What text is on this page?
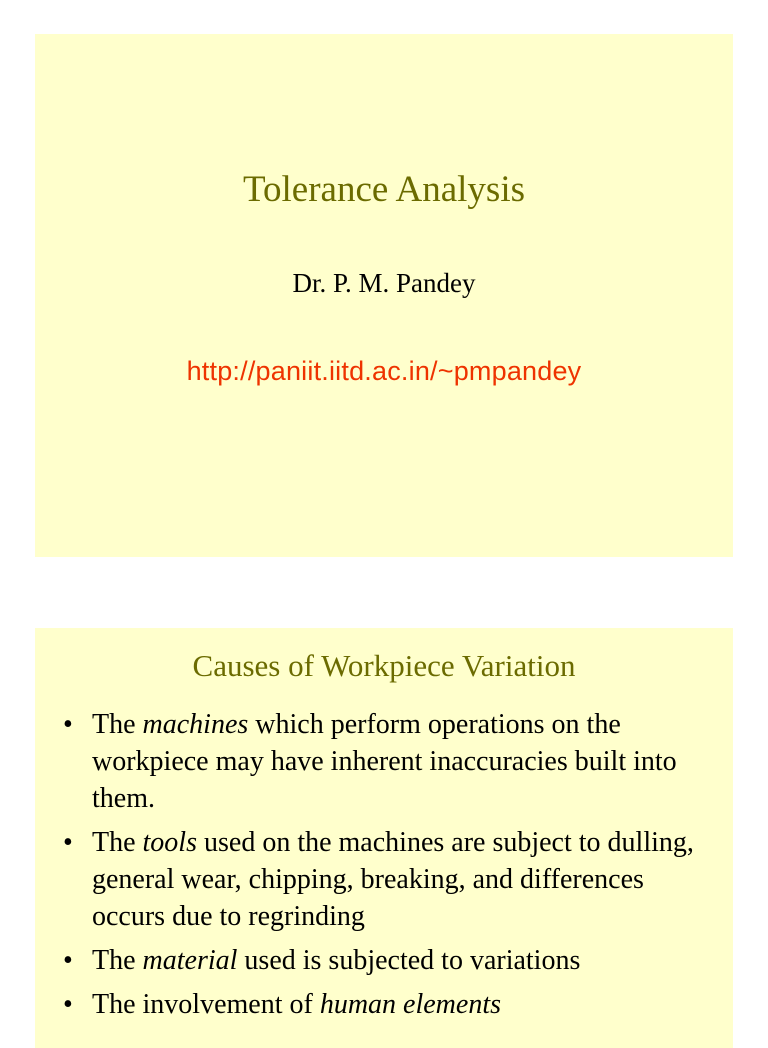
Tolerance Analysis
Dr. P. M. Pandey
http://paniit.iitd.ac.in/~pmpandey
Causes of Workpiece Variation
• The machines which perform operations on the workpiece may have inherent inaccuracies built into them.
• The tools used on the machines are subject to dulling, general wear, chipping, breaking, and differences occurs due to regrinding
• The material used is subjected to variations
• The involvement of human elements
